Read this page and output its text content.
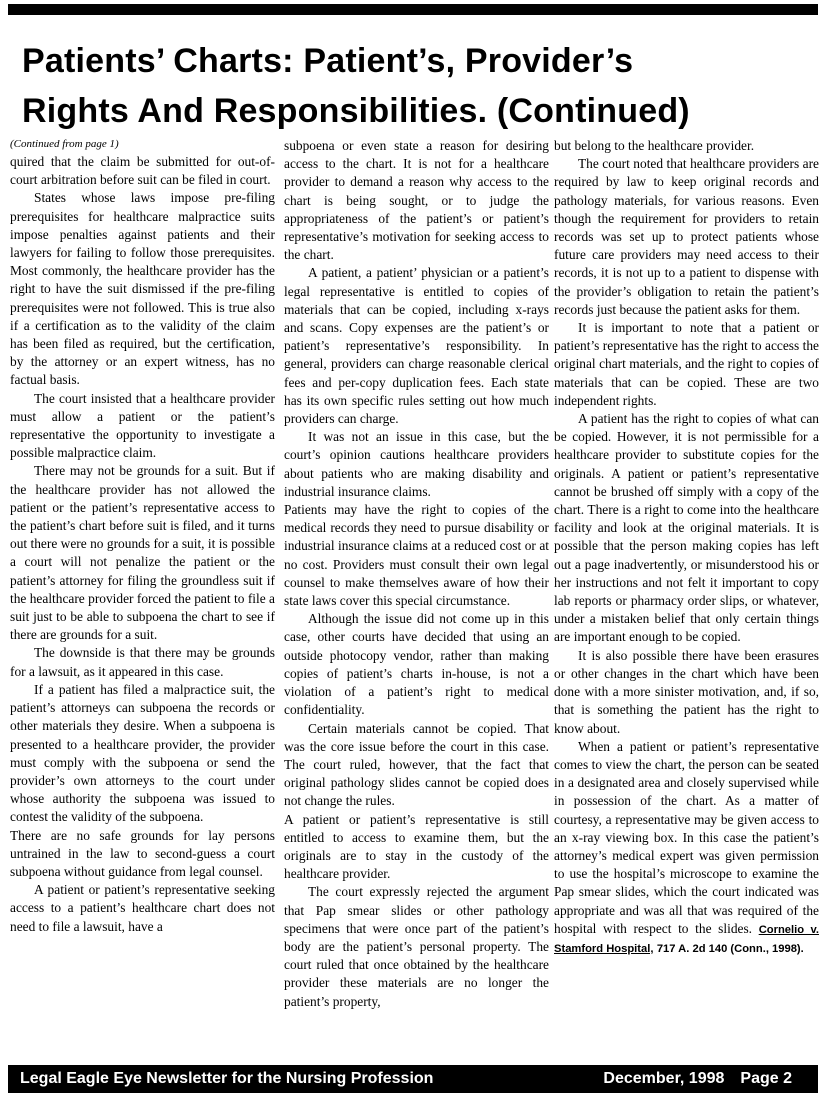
Patients’ Charts: Patient’s, Provider’s
Rights And Responsibilities. (Continued)
(Continued from page 1)

quired that the claim be submitted for out-of-court arbitration before suit can be filed in court.

States whose laws impose pre-filing prerequisites for healthcare malpractice suits impose penalties against patients and their lawyers for failing to follow those prerequisites. Most commonly, the healthcare provider has the right to have the suit dismissed if the pre-filing prerequisites were not followed. This is true also if a certification as to the validity of the claim has been filed as required, but the certification, by the attorney or an expert witness, has no factual basis.

The court insisted that a healthcare provider must allow a patient or the patient’s representative the opportunity to investigate a possible malpractice claim.

There may not be grounds for a suit. But if the healthcare provider has not allowed the patient or the patient’s representative access to the patient’s chart before suit is filed, and it turns out there were no grounds for a suit, it is possible a court will not penalize the patient or the patient’s attorney for filing the groundless suit if the healthcare provider forced the patient to file a suit just to be able to subpoena the chart to see if there are grounds for a suit.

The downside is that there may be grounds for a lawsuit, as it appeared in this case.

If a patient has filed a malpractice suit, the patient’s attorneys can subpoena the records or other materials they desire. When a subpoena is presented to a healthcare provider, the provider must comply with the subpoena or send the provider’s own attorneys to the court under whose authority the subpoena was issued to contest the validity of the subpoena.

There are no safe grounds for lay persons untrained in the law to second-guess a court subpoena without guidance from legal counsel.

A patient or patient’s representative seeking access to a patient’s healthcare chart does not need to file a lawsuit, have a

subpoena or even state a reason for desiring access to the chart. It is not for a healthcare provider to demand a reason why access to the chart is being sought, or to judge the appropriateness of the patient’s or patient’s representative’s motivation for seeking access to the chart.

A patient, a patient’ physician or a patient’s legal representative is entitled to copies of materials that can be copied, including x-rays and scans. Copy expenses are the patient’s or patient’s representative’s responsibility. In general, providers can charge reasonable clerical fees and per-copy duplication fees. Each state has its own specific rules setting out how much providers can charge.

It was not an issue in this case, but the court’s opinion cautions healthcare providers about patients who are making disability and industrial insurance claims.

Patients may have the right to copies of the medical records they need to pursue disability or industrial insurance claims at a reduced cost or at no cost. Providers must consult their own legal counsel to make themselves aware of how their state laws cover this special circumstance.

Although the issue did not come up in this case, other courts have decided that using an outside photocopy vendor, rather than making copies of patient’s charts in-house, is not a violation of a patient’s right to medical confidentiality.

Certain materials cannot be copied. That was the core issue before the court in this case. The court ruled, however, that the fact that original pathology slides cannot be copied does not change the rules.

A patient or patient’s representative is still entitled to access to examine them, but the originals are to stay in the custody of the healthcare provider.

The court expressly rejected the argument that Pap smear slides or other pathology specimens that were once part of the patient’s body are the patient’s personal property. The court ruled that once obtained by the healthcare provider these materials are no longer the patient’s property,

but belong to the healthcare provider.

The court noted that healthcare providers are required by law to keep original records and pathology materials, for various reasons. Even though the requirement for providers to retain records was set up to protect patients whose future care providers may need access to their records, it is not up to a patient to dispense with the provider’s obligation to retain the patient’s records just because the patient asks for them.

It is important to note that a patient or patient’s representative has the right to access the original chart materials, and the right to copies of materials that can be copied. These are two independent rights.

A patient has the right to copies of what can be copied. However, it is not permissible for a healthcare provider to substitute copies for the originals. A patient or patient’s representative cannot be brushed off simply with a copy of the chart. There is a right to come into the healthcare facility and look at the original materials. It is possible that the person making copies has left out a page inadvertently, or misunderstood his or her instructions and not felt it important to copy lab reports or pharmacy order slips, or whatever, under a mistaken belief that only certain things are important enough to be copied.

It is also possible there have been erasures or other changes in the chart which have been done with a more sinister motivation, and, if so, that is something the patient has the right to know about.

When a patient or patient’s representative comes to view the chart, the person can be seated in a designated area and closely supervised while in possession of the chart. As a matter of courtesy, a representative may be given access to an x-ray viewing box. In this case the patient’s attorney’s medical expert was given permission to use the hospital’s microscope to examine the Pap smear slides, which the court indicated was appropriate and was all that was required of the hospital with respect to the slides. Cornelio v. Stamford Hospital, 717 A. 2d 140 (Conn., 1998).

Legal Eagle Eye Newsletter for the Nursing Profession	December, 1998 Page 2
